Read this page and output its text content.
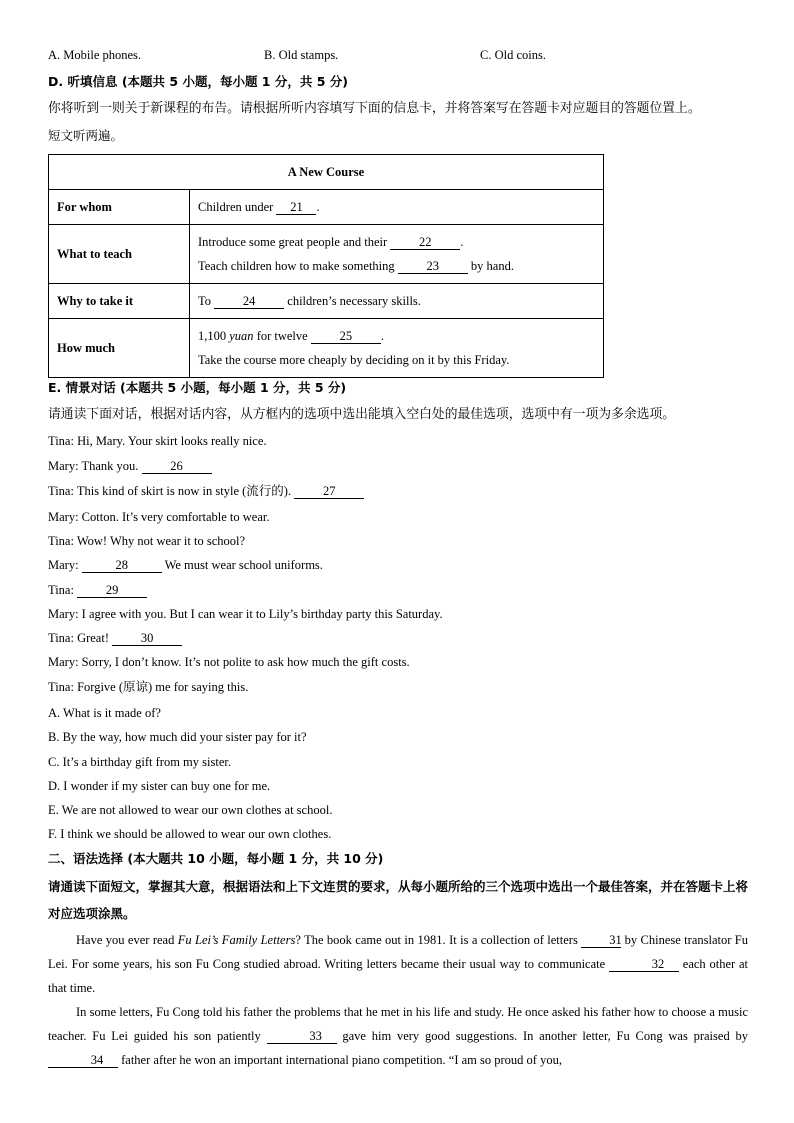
A. Mobile phones.	B. Old stamps.	C. Old coins.
D. 听填信息 (本题共 5 小题，每小题 1 分，共 5 分)
你将听到一则关于新课程的布告。请根据所听内容填写下面的信息卡，并将答案写在答题卡对应题目的答题位置上。
短文听两遍。
A New Course	
For whom	Children under 21 .
What to teach	Introduce some great people and their 22 .
Teach children how to make something 23 by hand.

Why to take it	To 24 children’s necessary skills.
How much	1,100 yuan for twelve 25 .
Take the course more cheaply by deciding on it by this Friday.
E. 情景对话 (本题共 5 小题，每小题 1 分，共 5 分)
请通读下面对话，根据对话内容，从方框内的选项中选出能填入空白处的最佳选项，选项中有一项为多余选项。
Tina: Hi, Mary. Your skirt looks really nice.
Mary: Thank you. 26
Tina: This kind of skirt is now in style (流行的). 27
Mary: Cotton. It’s very comfortable to wear.
Tina: Wow! Why not wear it to school?
Mary:	28	We must wear school uniforms.
Tina: 29
Mary: I agree with you. But I can wear it to Lily’s birthday party this Saturday.
Tina: Great! 30
Mary: Sorry, I don’t know. It’s not polite to ask how much the gift costs.
Tina: Forgive (原谅) me for saying this.
A. What is it made of?
B. By the way, how much did your sister pay for it?
C. It’s a birthday gift from my sister.
D. I wonder if my sister can buy one for me.
E. We are not allowed to wear our own clothes at school.
F. I think we should be allowed to wear our own clothes.
二、语法选择 (本大题共 10 小题，每小题 1 分，共 10 分)
请通读下面短文，掌握其大意，根据语法和上下文连贯的要求，从每小题所给的三个选项中选出一个最佳答案，并在答题卡上将对应选项涂黑。
Have you ever read Fu Lei’s Family Letters? The book came out in 1981. It is a collection of letters 31 by Chinese translator Fu Lei. For some years, his son Fu Cong studied abroad. Writing letters became their usual way to communicate	32 each other at that time.
In some letters, Fu Cong told his father the problems that he met in his life and study. He once asked his father how to choose a music teacher. Fu Lei guided his son patiently	33 gave him very good suggestions. In another letter, Fu Cong was praised by 34 father after he won an important international piano competition. “I am so proud of you,
